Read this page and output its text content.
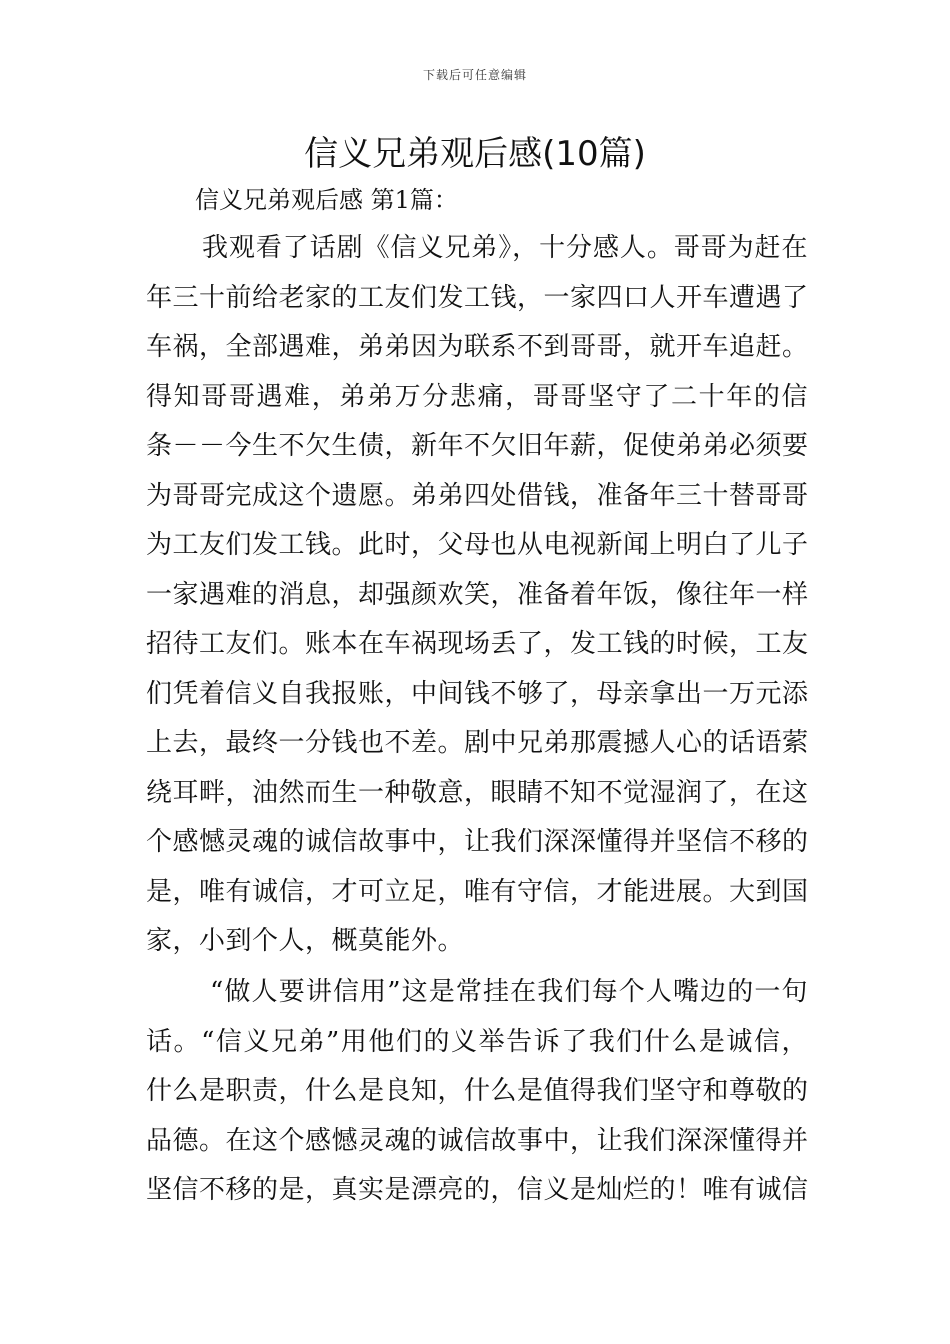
下载后可任意编辑
信义兄弟观后感(10篇)
信义兄弟观后感 第1篇：
我观看了话剧《信义兄弟》，十分感人。哥哥为赶在
年三十前给老家的工友们发工钱，一家四口人开车遭遇了
车祸，全部遇难，弟弟因为联系不到哥哥，就开车追赶。
得知哥哥遇难，弟弟万分悲痛，哥哥坚守了二十年的信
条－－今生不欠生债，新年不欠旧年薪，促使弟弟必须要
为哥哥完成这个遗愿。弟弟四处借钱，准备年三十替哥哥
为工友们发工钱。此时，父母也从电视新闻上明白了儿子
一家遇难的消息，却强颜欢笑，准备着年饭，像往年一样
招待工友们。账本在车祸现场丢了，发工钱的时候，工友
们凭着信义自我报账，中间钱不够了，母亲拿出一万元添
上去，最终一分钱也不差。剧中兄弟那震撼人心的话语萦
绕耳畔，油然而生一种敬意，眼睛不知不觉湿润了，在这
个感憾灵魂的诚信故事中，让我们深深懂得并坚信不移的
是，唯有诚信，才可立足，唯有守信，才能进展。大到国
家，小到个人，概莫能外。
“做人要讲信用”这是常挂在我们每个人嘴边的一句
话。“信义兄弟”用他们的义举告诉了我们什么是诚信，
什么是职责，什么是良知，什么是值得我们坚守和尊敬的
品德。在这个感憾灵魂的诚信故事中，让我们深深懂得并
坚信不移的是，真实是漂亮的，信义是灿烂的！唯有诚信
